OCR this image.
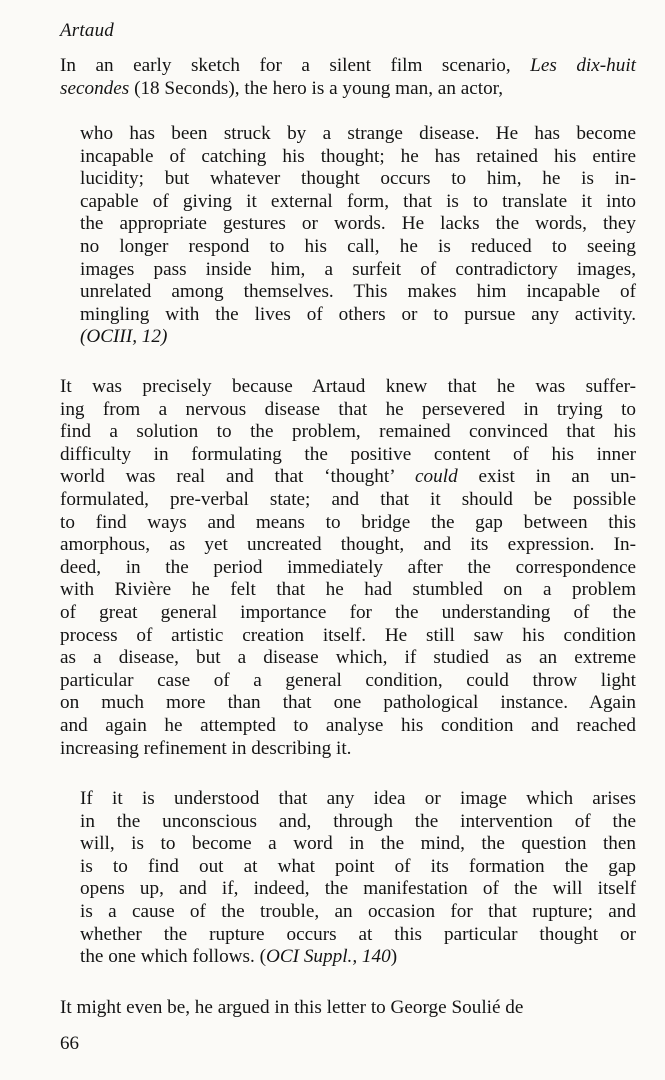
Artaud
In an early sketch for a silent film scenario, Les dix-huit
secondes (18 Seconds), the hero is a young man, an actor,
who has been struck by a strange disease. He has become
incapable of catching his thought; he has retained his entire
lucidity; but whatever thought occurs to him, he is in-
capable of giving it external form, that is to translate it into
the appropriate gestures or words. He lacks the words, they
no longer respond to his call, he is reduced to seeing
images pass inside him, a surfeit of contradictory images,
unrelated among themselves. This makes him incapable of
mingling with the lives of others or to pursue any activity.
(OCIII, 12)
It was precisely because Artaud knew that he was suffer-
ing from a nervous disease that he persevered in trying to
find a solution to the problem, remained convinced that his
difficulty in formulating the positive content of his inner
world was real and that ‘thought’ could exist in an un-
formulated, pre-verbal state; and that it should be possible
to find ways and means to bridge the gap between this
amorphous, as yet uncreated thought, and its expression. In-
deed, in the period immediately after the correspondence
with Rivière he felt that he had stumbled on a problem
of great general importance for the understanding of the
process of artistic creation itself. He still saw his condition
as a disease, but a disease which, if studied as an extreme
particular case of a general condition, could throw light
on much more than that one pathological instance. Again
and again he attempted to analyse his condition and reached
increasing refinement in describing it.
If it is understood that any idea or image which arises
in the unconscious and, through the intervention of the
will, is to become a word in the mind, the question then
is to find out at what point of its formation the gap
opens up, and if, indeed, the manifestation of the will itself
is a cause of the trouble, an occasion for that rupture; and
whether the rupture occurs at this particular thought or
the one which follows. (OCI Suppl., 140)
It might even be, he argued in this letter to George Soulié de
66
